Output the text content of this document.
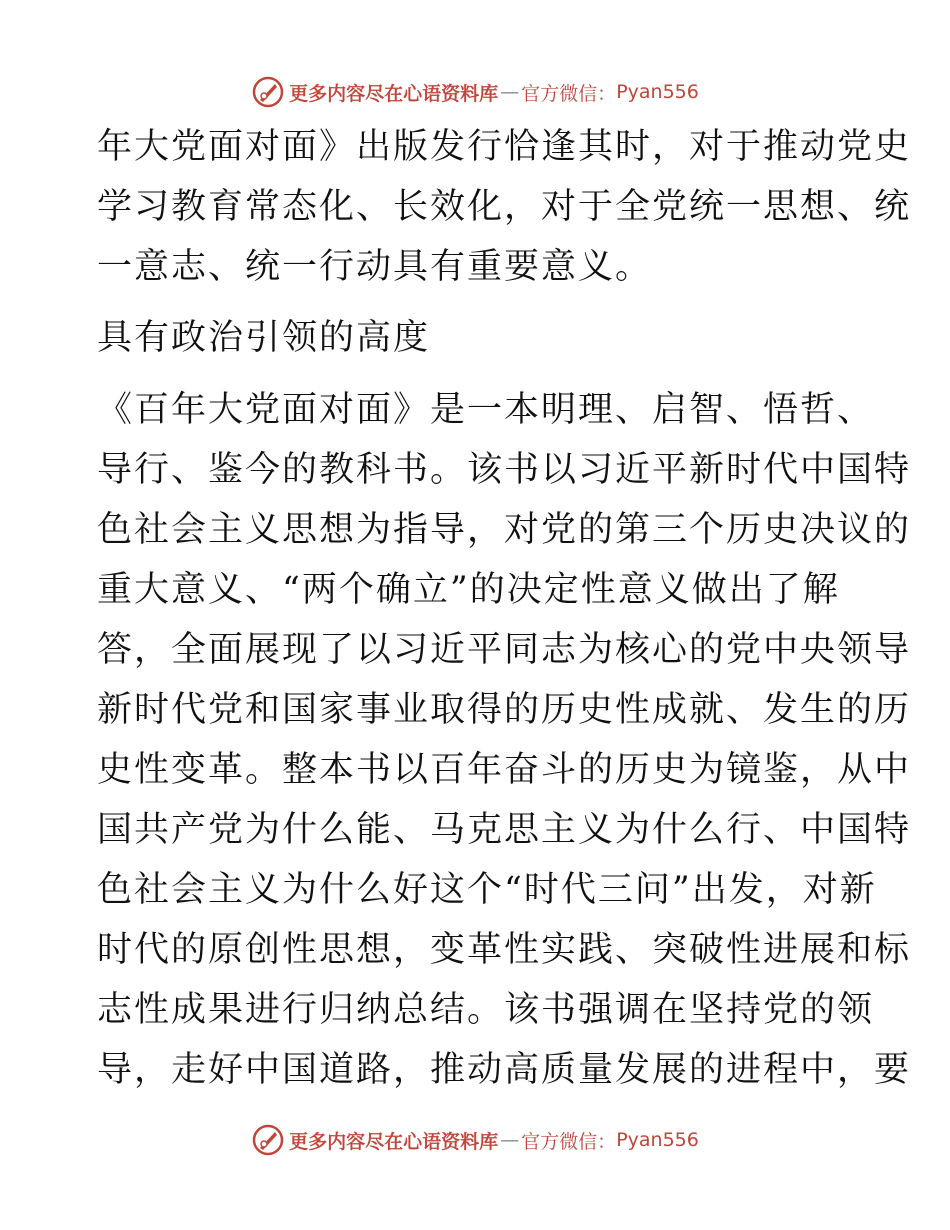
更多内容尽在心语资料库 — 官方微信： Pyan556
年大党面对面》出版发行恰逢其时，对于推动党史
学习教育常态化、长效化，对于全党统一思想、统
一意志、统一行动具有重要意义。
具有政治引领的高度
《百年大党面对面》是一本明理、启智、悟哲、
导行、鉴今的教科书。该书以习近平新时代中国特
色社会主义思想为指导，对党的第三个历史决议的
重大意义、“两个确立”的决定性意义做出了解
答，全面展现了以习近平同志为核心的党中央领导
新时代党和国家事业取得的历史性成就、发生的历
史性变革。整本书以百年奋斗的历史为镜鉴，从中
国共产党为什么能、马克思主义为什么行、中国特
色社会主义为什么好这个“时代三问”出发，对新
时代的原创性思想，变革性实践、突破性进展和标
志性成果进行归纳总结。该书强调在坚持党的领
导，走好中国道路，推动高质量发展的进程中，要
更多内容尽在心语资料库 — 官方微信： Pyan556
